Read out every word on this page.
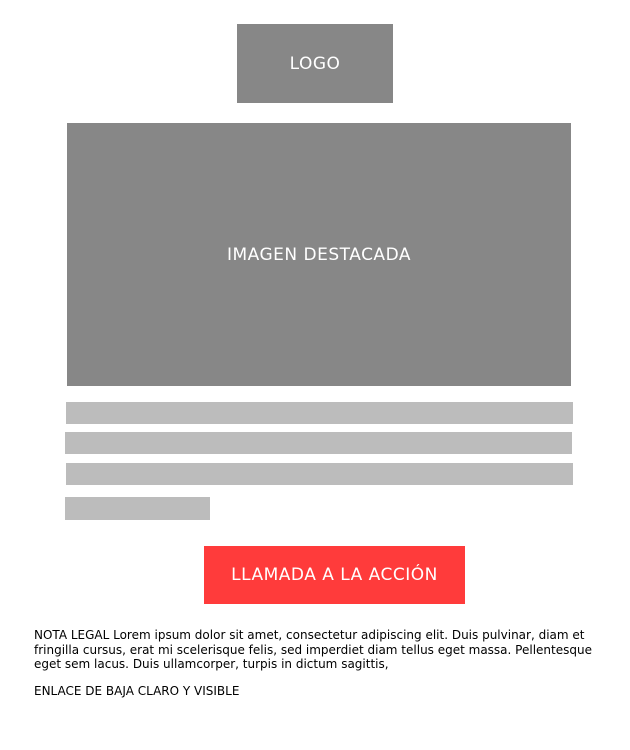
LOGO
IMAGEN DESTACADA
LLAMADA A LA ACCIÓN

NOTA LEGAL Lorem ipsum dolor sit amet, consectetur adipiscing elit. Duis pulvinar, diam et fringilla cursus, erat mi scelerisque felis, sed imperdiet diam tellus eget massa. Pellentesque eget sem lacus. Duis ullamcorper, turpis in dictum sagittis,

ENLACE DE BAJA CLARO Y VISIBLE
